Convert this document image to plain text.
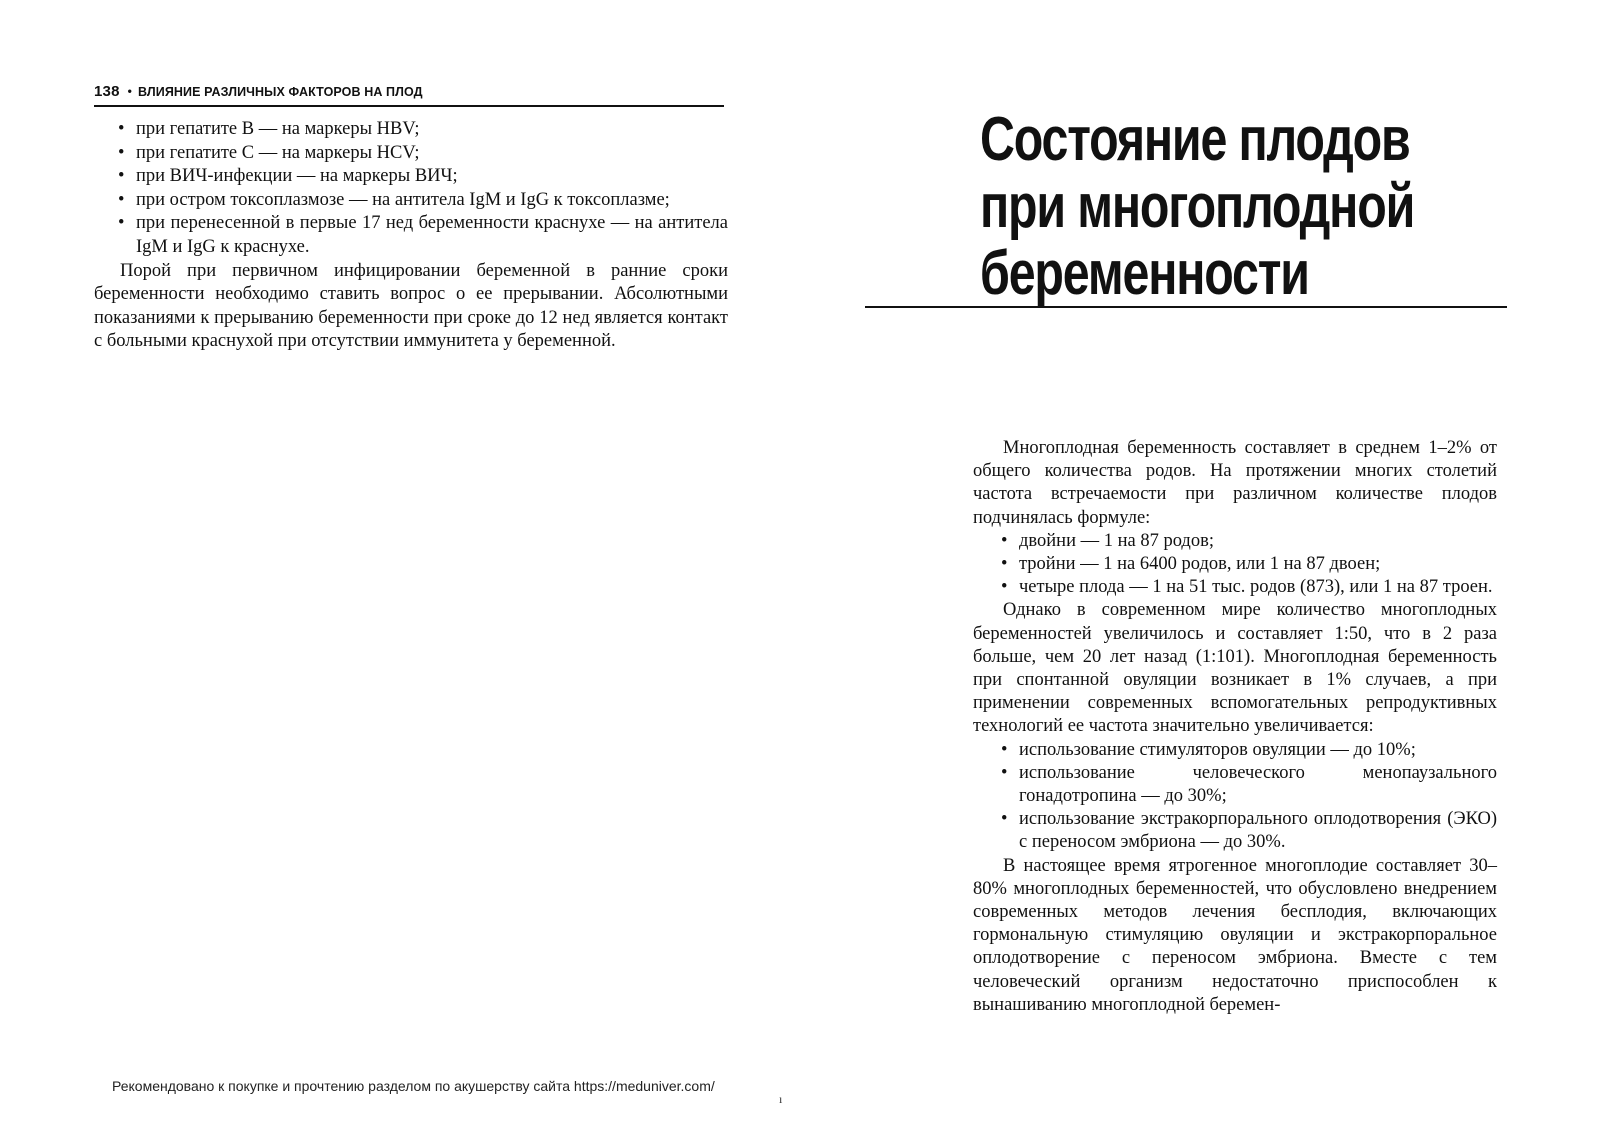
138 • ВЛИЯНИЕ РАЗЛИЧНЫХ ФАКТОРОВ НА ПЛОД
• при гепатите В — на маркеры HBV;
• при гепатите С — на маркеры HCV;
• при ВИЧ-инфекции — на маркеры ВИЧ;
• при остром токсоплазмозе — на антитела IgM и IgG к токсоплазме;
• при перенесенной в первые 17 нед беременности краснухе — на антитела IgM и IgG к краснухе.

Порой при первичном инфицировании беременной в ранние сроки беременности необходимо ставить вопрос о ее прерывании. Абсолютными показаниями к прерыванию беременности при сроке до 12 нед является контакт с больными краснухой при отсутствии иммунитета у беременной.

Состояние плодов
при многоплодной
беременности

Многоплодная беременность составляет в среднем 1–2% от общего количества родов. На протяжении многих столетий частота встречаемости при различном количестве плодов подчинялась формуле:

• двойни — 1 на 87 родов;
• тройни — 1 на 6400 родов, или 1 на 87 двоен;
• четыре плода — 1 на 51 тыс. родов (873), или 1 на 87 троен.

Однако в современном мире количество многоплодных беременностей увеличилось и составляет 1:50, что в 2 раза больше, чем 20 лет назад (1:101). Многоплодная беременность при спонтанной овуляции возникает в 1% случаев, а при применении современных вспомогательных репродуктивных технологий ее частота значительно увеличивается:

• использование стимуляторов овуляции — до 10%;
• использование человеческого менопаузального гонадотропина — до 30%;
• использование экстракорпорального оплодотворения (ЭКО) с переносом эмбриона — до 30%.

В настоящее время ятрогенное многоплодие составляет 30–80% многоплодных беременностей, что обусловлено внедрением современных методов лечения бесплодия, включающих гормональную стимуляцию овуляции и экстракорпоральное оплодотворение с переносом эмбриона. Вместе с тем человеческий организм недостаточно приспособлен к вынашиванию многоплодной беремен-

Рекомендовано к покупке и прочтению разделом по акушерству сайта https://meduniver.com/
ı
